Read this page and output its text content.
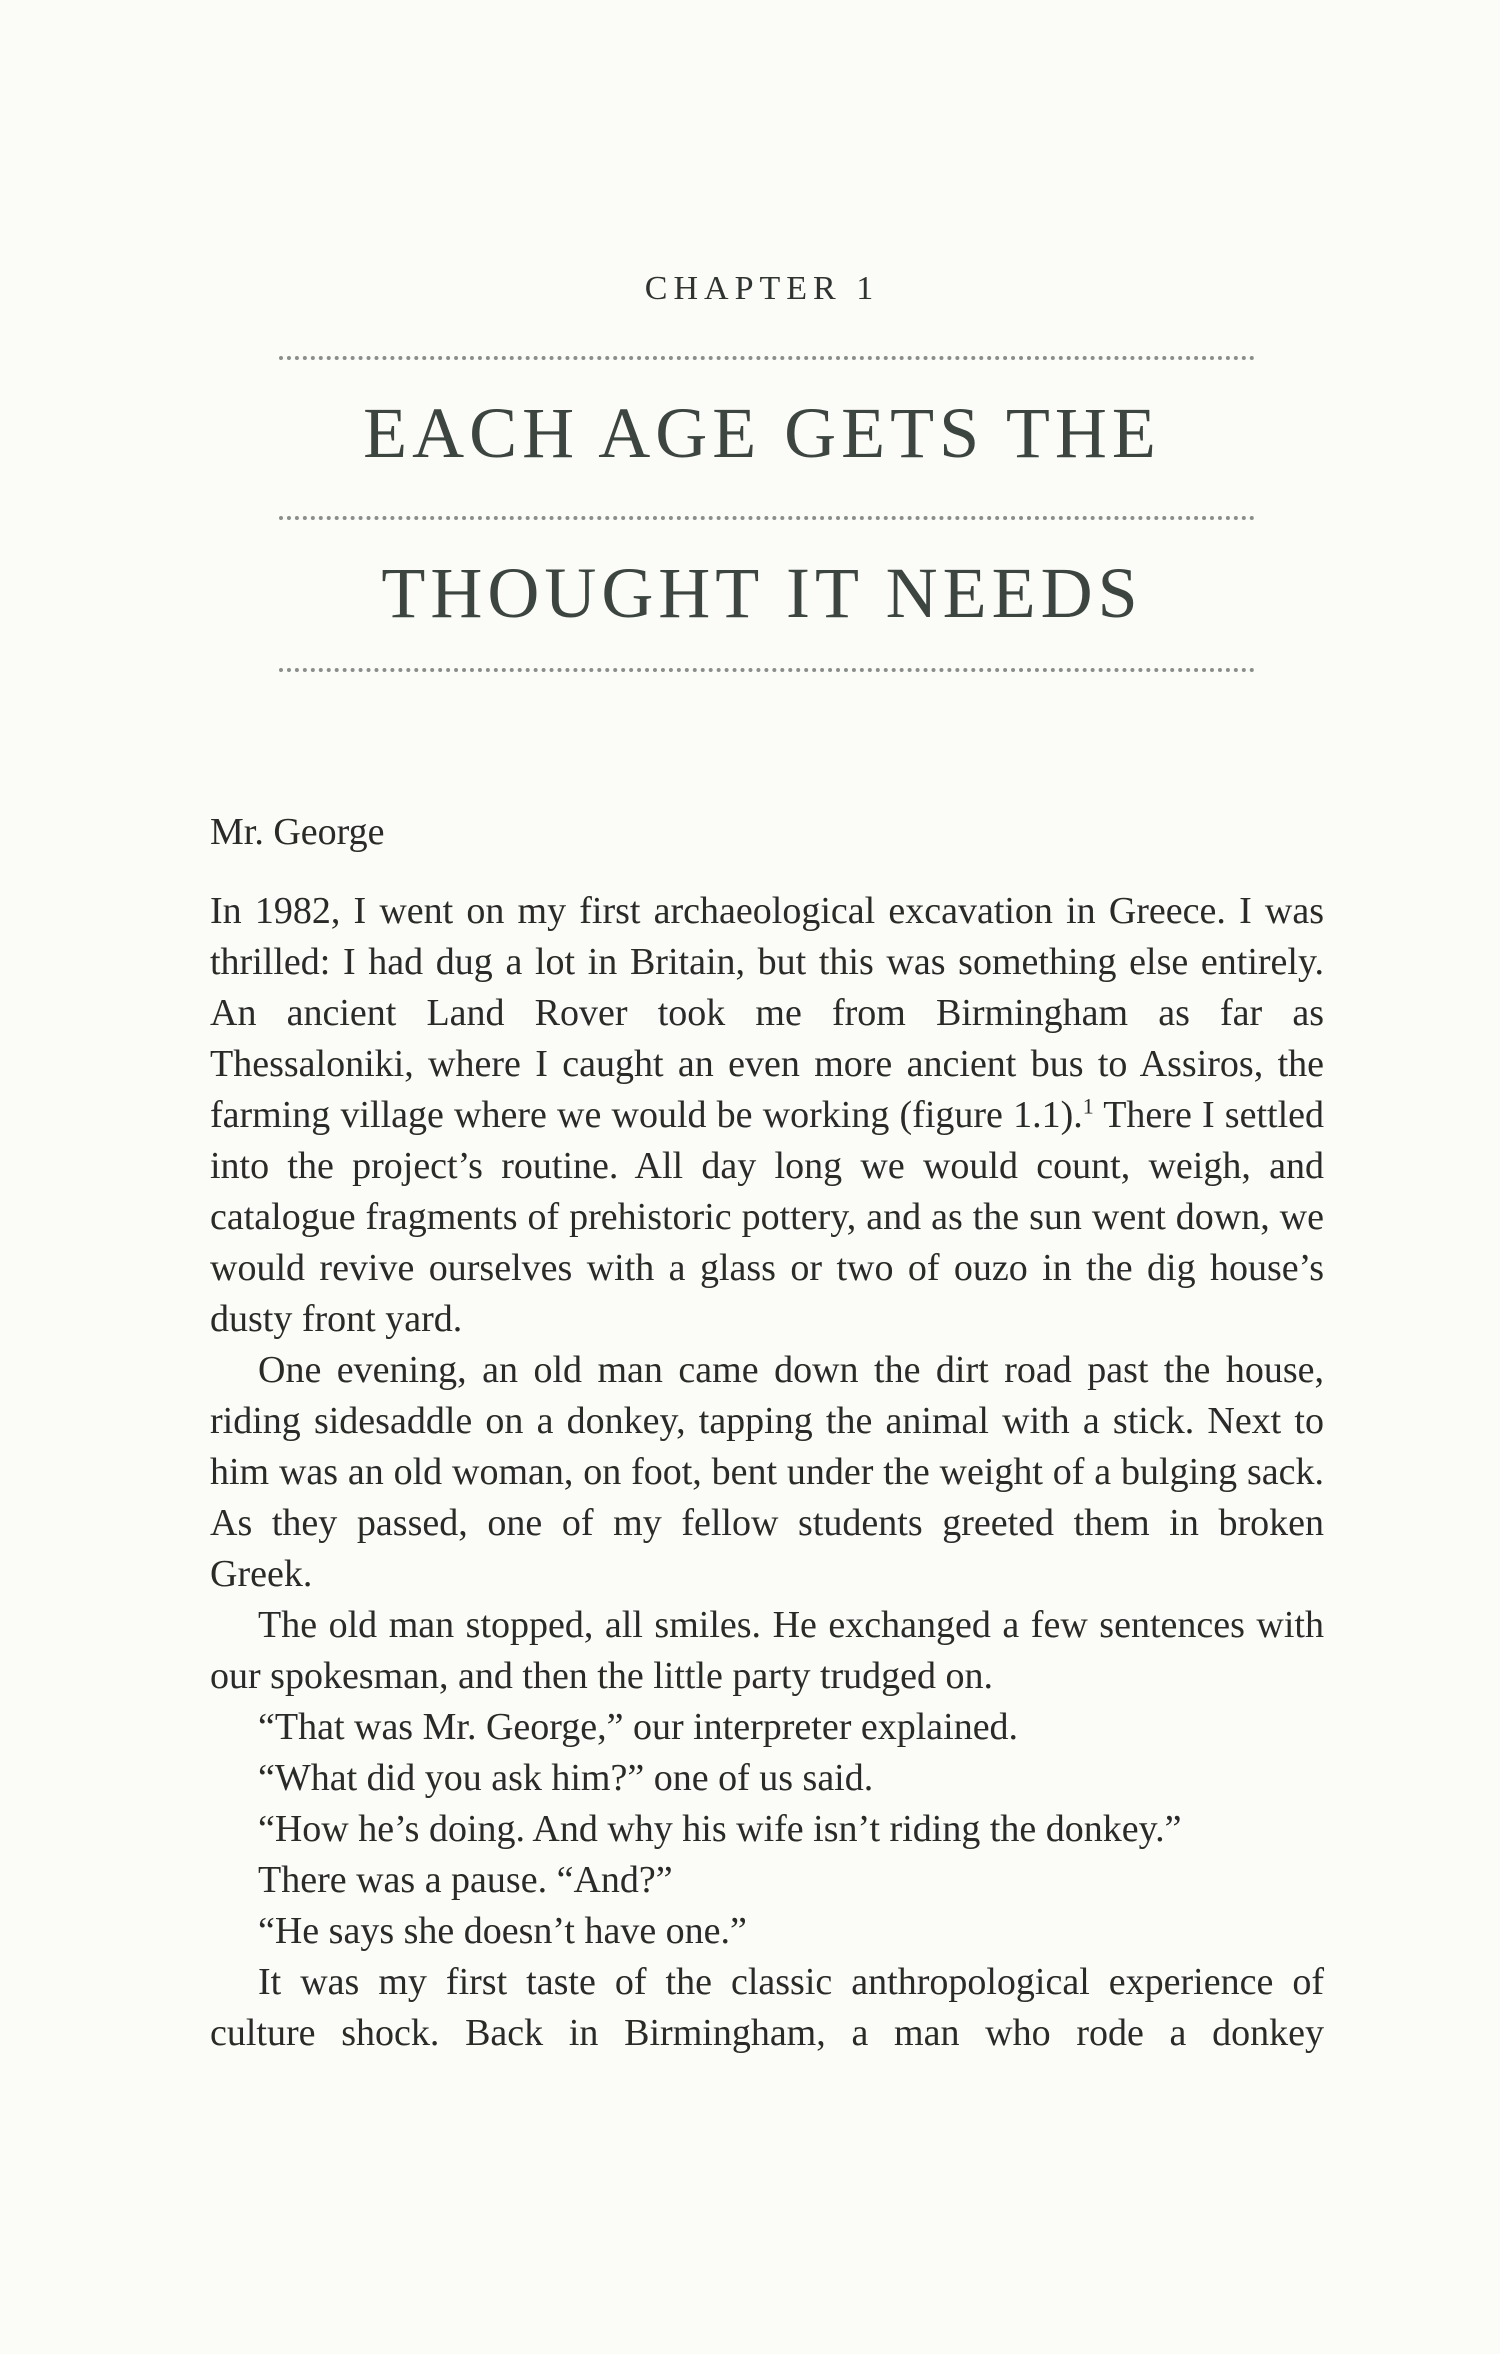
CHAPTER 1
EACH AGE GETS THE
THOUGHT IT NEEDS
Mr. George

In 1982, I went on my first archaeological excavation in Greece. I was thrilled: I had dug a lot in Britain, but this was something else entirely. An ancient Land Rover took me from Birmingham as far as Thessaloniki, where I caught an even more ancient bus to Assiros, the farming village where we would be working (figure 1.1).$^1$ There I settled into the project’s routine. All day long we would count, weigh, and catalogue fragments of prehistoric pottery, and as the sun went down, we would revive ourselves with a glass or two of ouzo in the dig house’s dusty front yard.

One evening, an old man came down the dirt road past the house, riding sidesaddle on a donkey, tapping the animal with a stick. Next to him was an old woman, on foot, bent under the weight of a bulging sack. As they passed, one of my fellow students greeted them in broken Greek.

The old man stopped, all smiles. He exchanged a few sentences with our spokesman, and then the little party trudged on.

“That was Mr. George,” our interpreter explained.

“What did you ask him?” one of us said.

“How he’s doing. And why his wife isn’t riding the donkey.”

There was a pause. “And?”

“He says she doesn’t have one.”

It was my first taste of the classic anthropological experience of culture shock. Back in Birmingham, a man who rode a donkey
